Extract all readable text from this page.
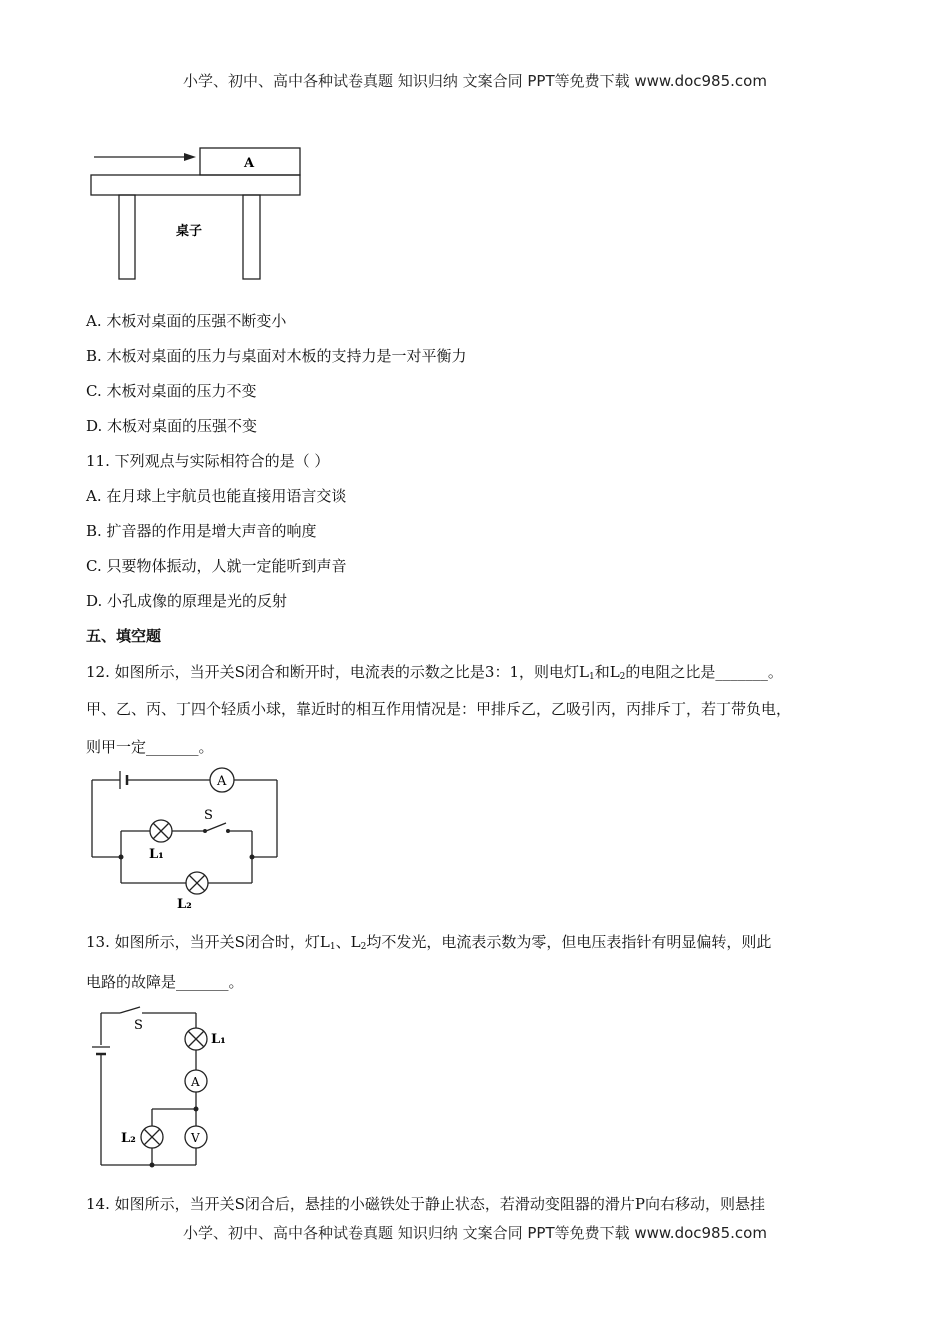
小学、初中、高中各种试卷真题 知识归纳 文案合同 PPT等免费下载 www.doc985.com
A
桌子
A. 木板对桌面的压强不断变小
B. 木板对桌面的压力与桌面对木板的支持力是一对平衡力
C. 木板对桌面的压力不变
D. 木板对桌面的压强不变
11. 下列观点与实际相符合的是（ ）
A. 在月球上宇航员也能直接用语言交谈
B. 扩音器的作用是增大声音的响度
C. 只要物体振动，人就一定能听到声音
D. 小孔成像的原理是光的反射
五、填空题
12. 如图所示，当开关S闭合和断开时，电流表的示数之比是3：1，则电灯$L_1$和$L_2$的电阻之比是_______。
甲、乙、丙、丁四个轻质小球，靠近时的相互作用情况是：甲排斥乙，乙吸引丙，丙排斥丁，若丁带负电，
则甲一定_______。
A
S
L₁
L₂
13. 如图所示，当开关S闭合时，灯$L_1$、$L_2$均不发光，电流表示数为零，但电压表指针有明显偏转，则此
电路的故障是_______。
S
L₁
A
L₂	V
14. 如图所示，当开关S闭合后，悬挂的小磁铁处于静止状态，若滑动变阻器的滑片P向右移动，则悬挂
小学、初中、高中各种试卷真题 知识归纳 文案合同 PPT等免费下载 www.doc985.com
